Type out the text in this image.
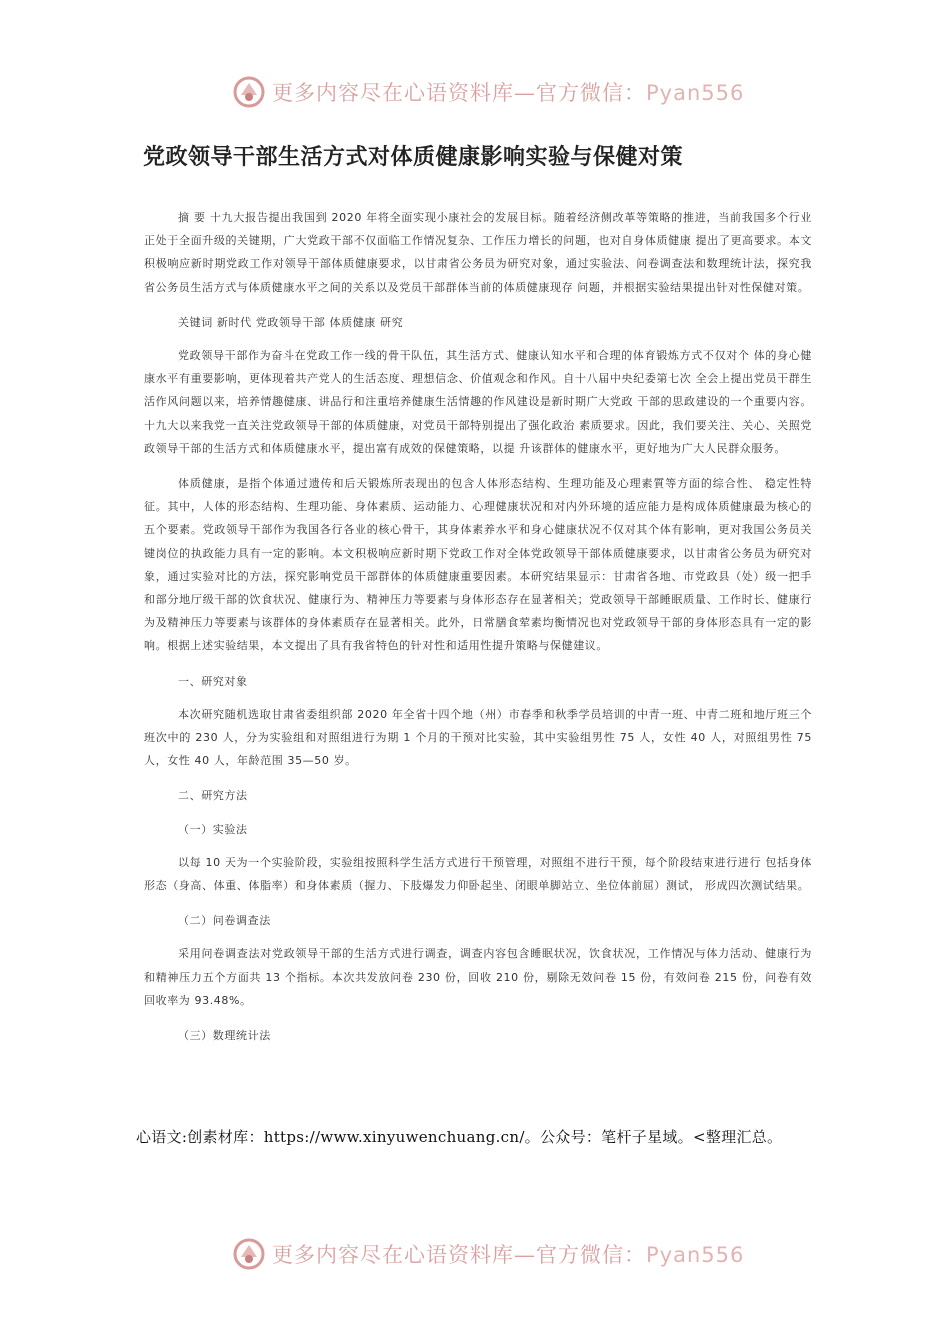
更多内容尽在心语资料库—官方微信：Pyan556
党政领导干部生活方式对体质健康影响实验与保健对策

摘 要 十九大报告提出我国到 2020 年将全面实现小康社会的发展目标。随着经济侧改革等策略的推进，当前我国多个行业正处于全面升级的关键期，广大党政干部不仅面临工作情况复杂、工作压力增长的问题，也对自身体质健康 提出了更高要求。本文积极响应新时期党政工作对领导干部体质健康要求，以甘肃省公务员为研究对象，通过实验法、问卷调查法和数理统计法，探究我省公务员生活方式与体质健康水平之间的关系以及党员干部群体当前的体质健康现存 问题，并根据实验结果提出针对性保健对策。

关键词 新时代 党政领导干部 体质健康 研究

党政领导干部作为奋斗在党政工作一线的骨干队伍，其生活方式、健康认知水平和合理的体育锻炼方式不仅对个 体的身心健康水平有重要影响，更体现着共产党人的生活态度、理想信念、价值观念和作风。自十八届中央纪委第七次 全会上提出党员干群生活作风问题以来，培养情趣健康、讲品行和注重培养健康生活情趣的作风建设是新时期广大党政 干部的思政建设的一个重要内容。十九大以来我党一直关注党政领导干部的体质健康，对党员干部特别提出了强化政治 素质要求。因此，我们要关注、关心、关照党政领导干部的生活方式和体质健康水平，提出富有成效的保健策略，以提 升该群体的健康水平，更好地为广大人民群众服务。

体质健康，是指个体通过遗传和后天锻炼所表现出的包含人体形态结构、生理功能及心理素質等方面的综合性、 稳定性特征。其中，人体的形态结构、生理功能、身体素质、运动能力、心理健康状况和对内外环境的适应能力是构成体质健康最为核心的五个要素。党政领导干部作为我国各行各业的核心骨干，其身体素养水平和身心健康状况不仅对其个体有影响，更对我国公务员关键岗位的执政能力具有一定的影响。本文积极响应新时期下党政工作对全体党政领导干部体质健康要求，以甘肃省公务员为研究对象，通过实验对比的方法，探究影响党员干部群体的体质健康重要因素。本研究结果显示：甘肃省各地、市党政县（处）级一把手和部分地厅级干部的饮食状况、健康行为、精神压力等要素与身体形态存在显著相关；党政领导干部睡眠质量、工作时长、健康行为及精神压力等要素与该群体的身体素质存在显著相关。此外，日常膳食荤素均衡情况也对党政领导干部的身体形态具有一定的影响。根据上述实验结果，本文提出了具有我省特色的针对性和适用性提升策略与保健建议。

一、研究对象

本次研究随机选取甘肃省委组织部 2020 年全省十四个地（州）市春季和秋季学员培训的中青一班、中青二班和地厅班三个班次中的 230 人，分为实验组和对照组进行为期 1 个月的干预对比实验，其中实验组男性 75 人，女性 40 人，对照组男性 75 人，女性 40 人，年龄范围 35—50 岁。

二、研究方法

（一）实验法

以每 10 天为一个实验阶段，实验组按照科学生活方式进行干预管理，对照组不进行干预，每个阶段结束进行进行 包括身体形态（身高、体重、体脂率）和身体素质（握力、下肢爆发力仰卧起坐、闭眼单脚站立、坐位体前屈）测试， 形成四次测试结果。

（二）问卷调查法

采用问卷调查法对党政领导干部的生活方式进行调查，调查内容包含睡眠状况，饮食状况，工作情况与体力活动、健康行为和精神压力五个方面共 13 个指标。本次共发放问卷 230 份，回收 210 份，剔除无效问卷 15 份，有效问卷 215 份，问卷有效回收率为 93.48%。

（三）数理统计法

心语文:创素材库：https://www.xinyuwenchuang.cn/。公众号：笔杆子星域。<整理汇总。
更多内容尽在心语资料库—官方微信：Pyan556
